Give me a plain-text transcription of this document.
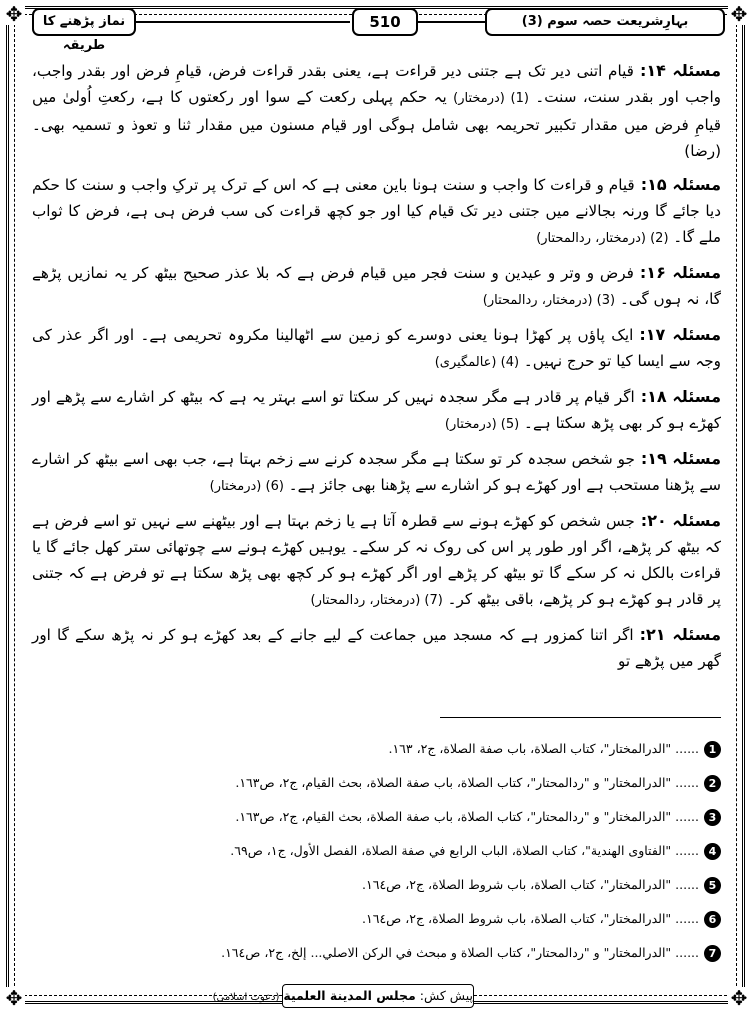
✥	✥
✥	✥
بہارِشریعت حصہ سوم (3)
510
نماز پڑھنے کا طریقہ

مسئلہ ۱۴:قیام اتنی دیر تک ہے جتنی دیر قراءت ہے، یعنی بقدر قراءت فرض، قیامِ فرض اور بقدر واجب، واجب اور بقدر سنت، سنت۔ (1) (درمختار) یہ حکم پہلی رکعت کے سوا اور رکعتوں کا ہے، رکعتِ اُولیٰ میں قیامِ فرض میں مقدار تکبیر تحریمہ بھی شامل ہوگی اور قیام مسنون میں مقدار ثنا و تعوذ و تسمیہ بھی۔ (رضا)

مسئلہ ۱۵:قیام و قراءت کا واجب و سنت ہونا باین معنی ہے کہ اس کے ترک پر ترکِ واجب و سنت کا حکم دیا جائے گا ورنہ بجالانے میں جتنی دیر تک قیام کیا اور جو کچھ قراءت کی سب فرض ہی ہے، فرض کا ثواب ملے گا۔ (2) (درمختار، ردالمحتار)

مسئلہ ۱۶:فرض و وتر و عیدین و سنت فجر میں قیام فرض ہے کہ بلا عذر صحیح بیٹھ کر یہ نمازیں پڑھے گا، نہ ہوں گی۔ (3) (درمختار، ردالمحتار)

مسئلہ ۱۷:ایک پاؤں پر کھڑا ہونا یعنی دوسرے کو زمین سے اٹھالینا مکروہ تحریمی ہے۔ اور اگر عذر کی وجہ سے ایسا کیا تو حرج نہیں۔ (4) (عالمگیری)

مسئلہ ۱۸:اگر قیام پر قادر ہے مگر سجدہ نہیں کر سکتا تو اسے بہتر یہ ہے کہ بیٹھ کر اشارے سے پڑھے اور کھڑے ہو کر بھی پڑھ سکتا ہے۔ (5) (درمختار)

مسئلہ ۱۹:جو شخص سجدہ کر تو سکتا ہے مگر سجدہ کرنے سے زخم بہتا ہے، جب بھی اسے بیٹھ کر اشارے سے پڑھنا مستحب ہے اور کھڑے ہو کر اشارے سے پڑھنا بھی جائز ہے۔ (6) (درمختار)

مسئلہ ۲۰:جس شخص کو کھڑے ہونے سے قطرہ آتا ہے یا زخم بہتا ہے اور بیٹھنے سے نہیں تو اسے فرض ہے کہ بیٹھ کر پڑھے، اگر اور طور پر اس کی روک نہ کر سکے۔ یوہیں کھڑے ہونے سے چوتھائی ستر کھل جائے گا یا قراءت بالکل نہ کر سکے گا تو بیٹھ کر پڑھے اور اگر کھڑے ہو کر کچھ بھی پڑھ سکتا ہے تو فرض ہے کہ جتنی پر قادر ہو کھڑے ہو کر پڑھے، باقی بیٹھ کر۔ (7) (درمختار، ردالمحتار)

مسئلہ ۲۱:اگر اتنا کمزور ہے کہ مسجد میں جماعت کے لیے جانے کے بعد کھڑے ہو کر نہ پڑھ سکے گا اور گھر میں پڑھے تو

1...... "الدرالمختار"، كتاب الصلاة، باب صفة الصلاة، ج٢، ١٦٣.
2...... "الدرالمختار" و "ردالمحتار"، كتاب الصلاة، باب صفة الصلاة، بحث القيام، ج٢، ص١٦٣.
3...... "الدرالمختار" و "ردالمحتار"، كتاب الصلاة، باب صفة الصلاة، بحث القيام، ج٢، ص١٦٣.
4...... "الفتاوى الهندية"، كتاب الصلاة، الباب الرابع في صفة الصلاة، الفصل الأول، ج١، ص٦٩.
5...... "الدرالمختار"، كتاب الصلاة، باب شروط الصلاة، ج٢، ص١٦٤.
6...... "الدرالمختار"، كتاب الصلاة، باب شروط الصلاة، ج٢، ص١٦٤.
7...... "الدرالمختار" و "ردالمحتار"، كتاب الصلاة و مبحث في الركن الاصلي... إلخ، ج٢، ص١٦٤.
پیش کش: مجلس المدينة العلمية (دعوتِ اسلامی)
